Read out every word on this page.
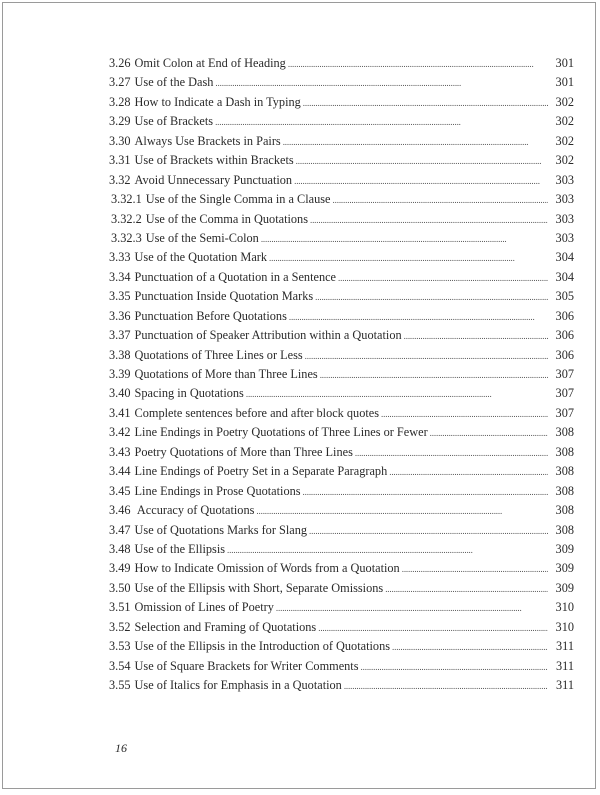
3.26 Omit Colon at End of Heading . . .	301
3.27 Use of the Dash . . .	301
3.28 How to Indicate a Dash in Typing . . .	302
3.29 Use of Brackets . . .	302
3.30 Always Use Brackets in Pairs . . .	302
3.31 Use of Brackets within Brackets . . .	302
3.32 Avoid Unnecessary Punctuation . . .	303
3.32.1 Use of the Single Comma in a Clause . . .	303
3.32.2 Use of the Comma in Quotations . . .	303
3.32.3 Use of the Semi-Colon . . .	303
3.33 Use of the Quotation Mark . . .	304
3.34 Punctuation of a Quotation in a Sentence . . .	304
3.35 Punctuation Inside Quotation Marks . . .	305
3.36 Punctuation Before Quotations . . .	306
3.37 Punctuation of Speaker Attribution within a Quotation . . .	306
3.38 Quotations of Three Lines or Less . . .	306
3.39 Quotations of More than Three Lines . . .	307
3.40 Spacing in Quotations . . .	307
3.41 Complete sentences before and after block quotes . . .	307
3.42 Line Endings in Poetry Quotations of Three Lines or Fewer . . .	308
3.43 Poetry Quotations of More than Three Lines . . .	308
3.44 Line Endings of Poetry Set in a Separate Paragraph . . .	308
3.45 Line Endings in Prose Quotations . . .	308
3.46 Accuracy of Quotations . . .	308
3.47 Use of Quotations Marks for Slang . . .	308
3.48 Use of the Ellipsis . . .	309
3.49 How to Indicate Omission of Words from a Quotation . . .	309
3.50 Use of the Ellipsis with Short, Separate Omissions . . .	309
3.51 Omission of Lines of Poetry . . .	310
3.52 Selection and Framing of Quotations . . .	310
3.53 Use of the Ellipsis in the Introduction of Quotations . . .	311
3.54 Use of Square Brackets for Writer Comments . . .	311
3.55 Use of Italics for Emphasis in a Quotation . . .	311
16
